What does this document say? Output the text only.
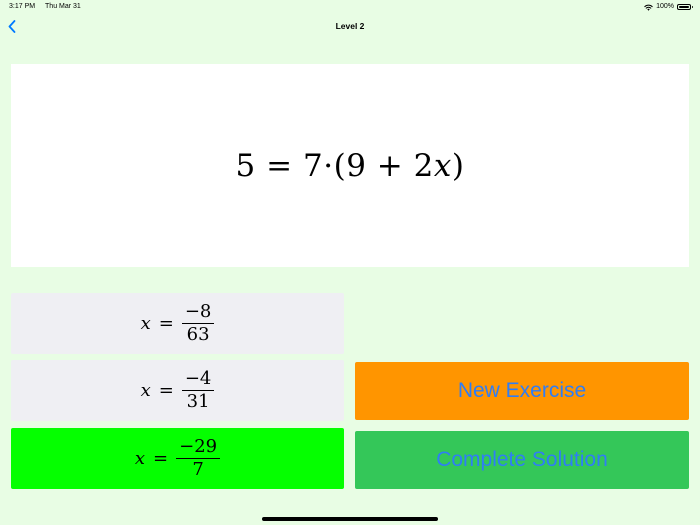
3:17 PM Thu Mar 31	100%
Level 2
5 = 7·(9 + 2x)
$x = \frac{-8}{63}$
$x = \frac{-4}{31}$
$x = \frac{-29}{7}$
New Exercise
Complete Solution
